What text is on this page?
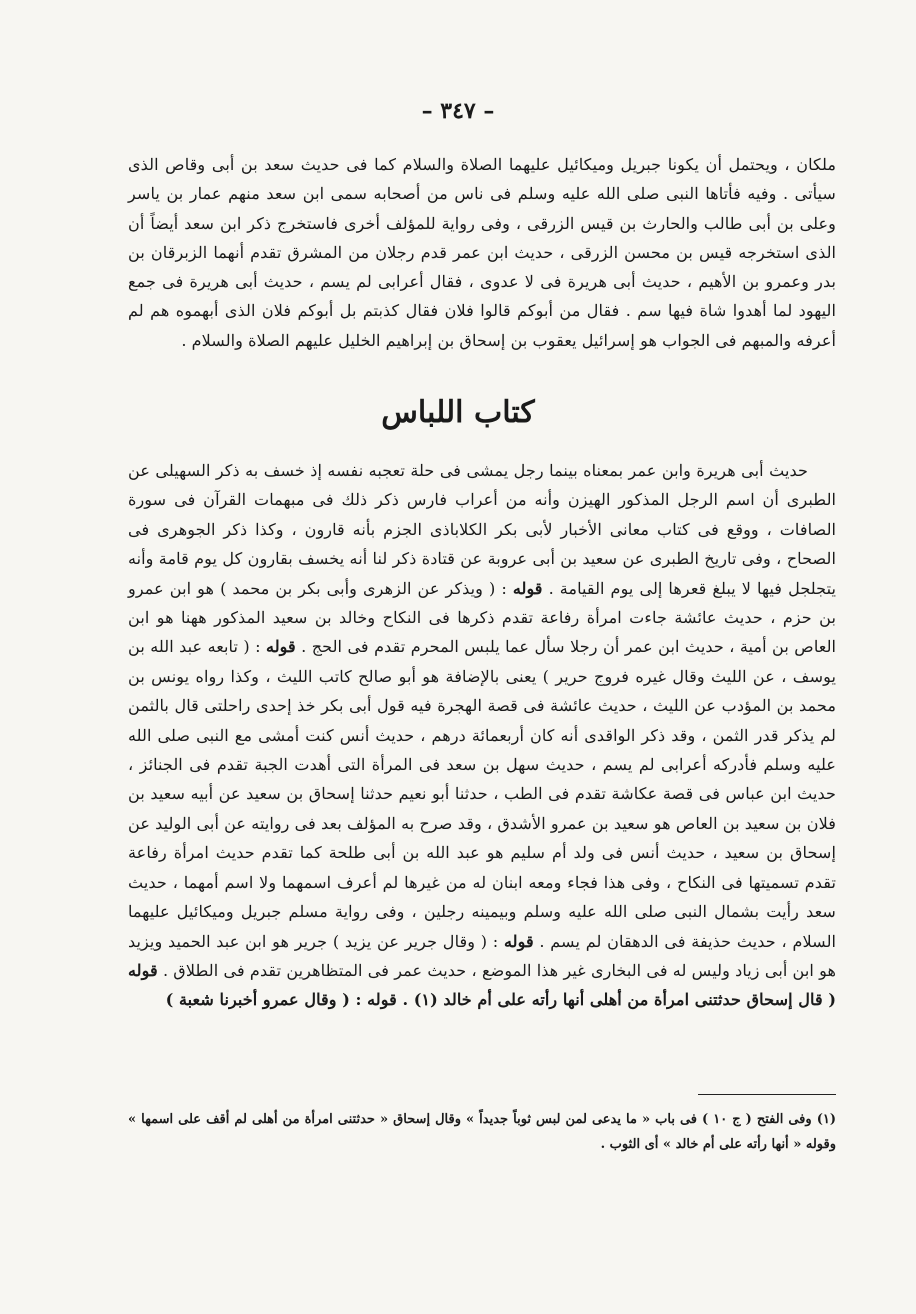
– ٣٤٧ –
ملكان ، ويحتمل أن يكونا جبريل وميكائيل عليهما الصلاة والسلام كما فى حديث سعد بن أبى وقاص الذى سيأتى . وفيه فأتاها النبى صلى الله عليه وسلم فى ناس من أصحابه سمى ابن سعد منهم عمار بن ياسر وعلى بن أبى طالب والحارث بن قيس الزرقى ، وفى رواية للمؤلف أخرى فاستخرج ذكر ابن سعد أيضاً أن الذى استخرجه قيس بن محسن الزرقى ، حديث ابن عمر قدم رجلان من المشرق تقدم أنهما الزبرقان بن بدر وعمرو بن الأهيم ، حديث أبى هريرة فى لا عدوى ، فقال أعرابى لم يسم ، حديث أبى هريرة فى جمع اليهود لما أهدوا شاة فيها سم . فقال من أبوكم قالوا فلان فقال كذبتم بل أبوكم فلان الذى أبهموه هم لم أعرفه والمبهم فى الجواب هو إسرائيل يعقوب بن إسحاق بن إبراهيم الخليل عليهم الصلاة والسلام .
كتاب اللباس
حديث أبى هريرة وابن عمر بمعناه بينما رجل يمشى فى حلة تعجبه نفسه إذ خسف به ذكر السهيلى عن الطبرى أن اسم الرجل المذكور الهيزن وأنه من أعراب فارس ذكر ذلك فى مبهمات القرآن فى سورة الصافات ، ووقع فى كتاب معانى الأخبار لأبى بكر الكلاباذى الجزم بأنه قارون ، وكذا ذكر الجوهرى فى الصحاح ، وفى تاريخ الطبرى عن سعيد بن أبى عروبة عن قتادة ذكر لنا أنه يخسف بقارون كل يوم قامة وأنه يتجلجل فيها لا يبلغ قعرها إلى يوم القيامة . قوله : ( ويذكر عن الزهرى وأبى بكر بن محمد ) هو ابن عمرو بن حزم ، حديث عائشة جاءت امرأة رفاعة تقدم ذكرها فى النكاح وخالد بن سعيد المذكور ههنا هو ابن العاص بن أمية ، حديث ابن عمر أن رجلا سأل عما يلبس المحرم تقدم فى الحج . قوله : ( تابعه عبد الله بن يوسف ، عن الليث وقال غيره فروج حرير ) يعنى بالإضافة هو أبو صالح كاتب الليث ، وكذا رواه يونس بن محمد بن المؤدب عن الليث ، حديث عائشة فى قصة الهجرة فيه قول أبى بكر خذ إحدى راحلتى قال بالثمن لم يذكر قدر الثمن ، وقد ذكر الواقدى أنه كان أربعمائة درهم ، حديث أنس كنت أمشى مع النبى صلى الله عليه وسلم فأدركه أعرابى لم يسم ، حديث سهل بن سعد فى المرأة التى أهدت الجبة تقدم فى الجنائز ، حديث ابن عباس فى قصة عكاشة تقدم فى الطب ، حدثنا أبو نعيم حدثنا إسحاق بن سعيد عن أبيه سعيد بن فلان بن سعيد بن العاص هو سعيد بن عمرو الأشدق ، وقد صرح به المؤلف بعد فى روايته عن أبى الوليد عن إسحاق بن سعيد ، حديث أنس فى ولد أم سليم هو عبد الله بن أبى طلحة كما تقدم حديث امرأة رفاعة تقدم تسميتها فى النكاح ، وفى هذا فجاء ومعه ابنان له من غيرها لم أعرف اسمهما ولا اسم أمهما ، حديث سعد رأيت بشمال النبى صلى الله عليه وسلم وبيمينه رجلين ، وفى رواية مسلم جبريل وميكائيل عليهما السلام ، حديث حذيفة فى الدهقان لم يسم . قوله : ( وقال جرير عن يزيد ) جرير هو ابن عبد الحميد ويزيد هو ابن أبى زياد وليس له فى البخارى غير هذا الموضع ، حديث عمر فى المتظاهرين تقدم فى الطلاق . قوله ( قال إسحاق حدثتنى امرأة من أهلى أنها رأته على أم خالد (١) . قوله : ( وقال عمرو أخبرنا شعبة )
(١) وفى الفتح ( ج ١٠ ) فى باب « ما يدعى لمن لبس ثوباً جديداً » وقال إسحاق « حدثتنى امرأة من أهلى لم أقف على اسمها » وقوله « أنها رأته على أم خالد » أى الثوب .
